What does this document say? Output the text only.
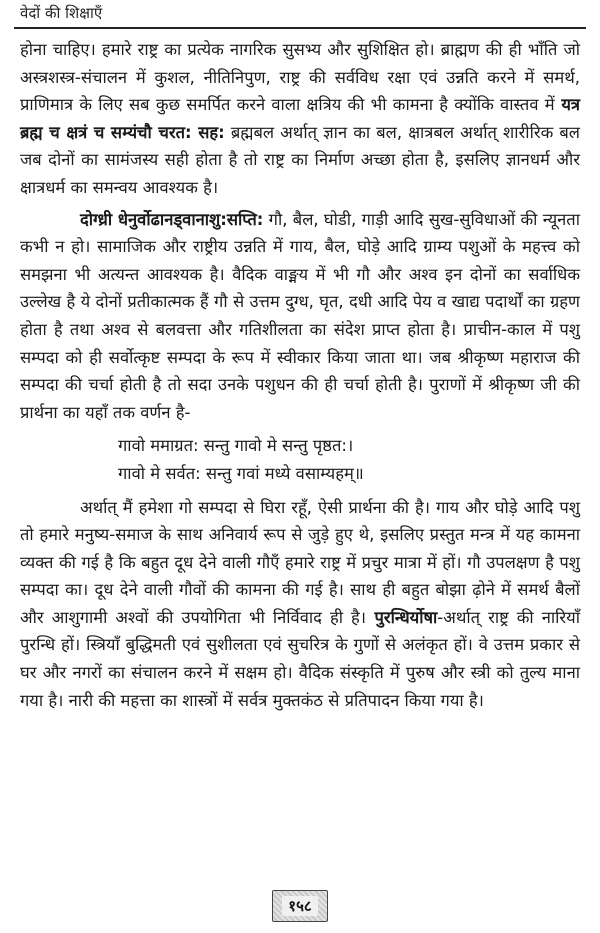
वेदों की शिक्षाएँ

होना चाहिए। हमारे राष्ट्र का प्रत्येक नागरिक सुसभ्य और सुशिक्षित हो। ब्राह्मण की ही भाँति जो अस्त्रशस्त्र-संचालन में कुशल, नीतिनिपुण, राष्ट्र की सर्वविध रक्षा एवं उन्नति करने में समर्थ, प्राणिमात्र के लिए सब कुछ समर्पित करने वाला क्षत्रिय की भी कामना है क्योंकि वास्तव में यत्र ब्रह्म च क्षत्रं च सम्यंचौ चरत: सह: ब्रह्मबल अर्थात् ज्ञान का बल, क्षात्रबल अर्थात् शारीरिक बल जब दोनों का सामंजस्य सही होता है तो राष्ट्र का निर्माण अच्छा होता है, इसलिए ज्ञानधर्म और क्षात्रधर्म का समन्वय आवश्यक है।

दोग्ध्री धेनुर्वोढानड्वानाशु:सप्ति: गौ, बैल, घोडी, गाड़ी आदि सुख-सुविधाओं की न्यूनता कभी न हो। सामाजिक और राष्ट्रीय उन्नति में गाय, बैल, घोड़े आदि ग्राम्य पशुओं के महत्त्व को समझना भी अत्यन्त आवश्यक है। वैदिक वाङ्मय में भी गौ और अश्व इन दोनों का सर्वाधिक उल्लेख है ये दोनों प्रतीकात्मक हैं गौ से उत्तम दुग्ध, घृत, दधी आदि पेय व खाद्य पदार्थों का ग्रहण होता है तथा अश्व से बलवत्ता और गतिशीलता का संदेश प्राप्त होता है। प्राचीन-काल में पशु सम्पदा को ही सर्वोत्कृष्ट सम्पदा के रूप में स्वीकार किया जाता था। जब श्रीकृष्ण महाराज की सम्पदा की चर्चा होती है तो सदा उनके पशुधन की ही चर्चा होती है। पुराणों में श्रीकृष्ण जी की प्रार्थना का यहाँ तक वर्णन है-

गावो ममाग्रत: सन्तु गावो मे सन्तु पृष्ठत:।
गावो मे सर्वत: सन्तु गवां मध्ये वसाम्यहम्॥

अर्थात् मैं हमेशा गो सम्पदा से घिरा रहूँ, ऐसी प्रार्थना की है। गाय और घोड़े आदि पशु तो हमारे मनुष्य-समाज के साथ अनिवार्य रूप से जुड़े हुए थे, इसलिए प्रस्तुत मन्त्र में यह कामना व्यक्त की गई है कि बहुत दूध देने वाली गौएँ हमारे राष्ट्र में प्रचुर मात्रा में हों। गौ उपलक्षण है पशु सम्पदा का। दूध देने वाली गौवों की कामना की गई है। साथ ही बहुत बोझा ढ़ोने में समर्थ बैलों और आशुगामी अश्वों की उपयोगिता भी निर्विवाद ही है। पुरन्धिर्योषा-अर्थात् राष्ट्र की नारियाँ पुरन्धि हों। स्त्रियाँ बुद्धिमती एवं सुशीलता एवं सुचरित्र के गुणों से अलंकृत हों। वे उत्तम प्रकार से घर और नगरों का संचालन करने में सक्षम हो। वैदिक संस्कृति में पुरुष और स्त्री को तुल्य माना गया है। नारी की महत्ता का शास्त्रों में सर्वत्र मुक्तकंठ से प्रतिपादन किया गया है।

१५८
